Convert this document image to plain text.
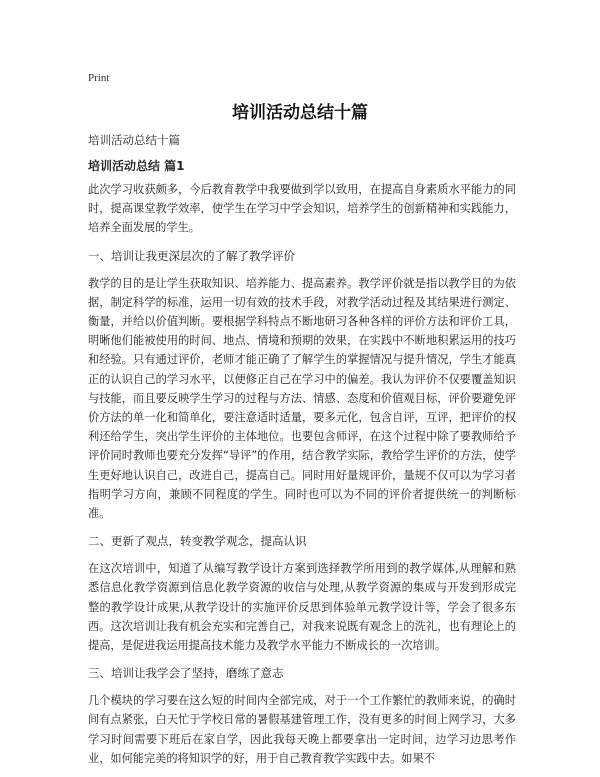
Print
培训活动总结十篇
培训活动总结十篇
培训活动总结 篇1
此次学习收获颇多，今后教育教学中我要做到学以致用，在提高自身素质水平能力的同时，提高课堂教学效率，使学生在学习中学会知识，培养学生的创新精神和实践能力，培养全面发展的学生。
一、培训让我更深层次的了解了教学评价
教学的目的是让学生获取知识、培养能力、提高素养。教学评价就是指以教学目的为依据，制定科学的标准，运用一切有效的技术手段，对教学活动过程及其结果进行测定、衡量，并给以价值判断。要根据学科特点不断地研习各种各样的评价方法和评价工具，明晰他们能被使用的时间、地点、情境和预期的效果，在实践中不断地积累运用的技巧和经验。只有通过评价，老师才能正确了了解学生的掌握情况与提升情况，学生才能真正的认识自己的学习水平，以便修正自己在学习中的偏差。我认为评价不仅要覆盖知识与技能，而且要反映学生学习的过程与方法、情感、态度和价值观目标，评价要避免评价方法的单一化和简单化，要注意适时适量，要多元化，包含自评，互评，把评价的权利还给学生，突出学生评价的主体地位。也要包含师评，在这个过程中除了要教师给予评价同时教师也要充分发挥“导评”的作用，结合教学实际，教给学生评价的方法，使学生更好地认识自己，改进自己，提高自己。同时用好量规评价，量规不仅可以为学习者指明学习方向，兼顾不同程度的学生。同时也可以为不同的评价者提供统一的判断标准。
二、更新了观点，转变教学观念，提高认识
在这次培训中，知道了从编写教学设计方案到选择教学所用到的教学媒体,从理解和熟悉信息化教学资源到信息化教学资源的收信与处理,从教学资源的集成与开发到形成完整的教学设计成果,从教学设计的实施评价反思到体验单元教学设计等，学会了很多东西。这次培训让我有机会充实和完善自己，对我来说既有观念上的洗礼，也有理论上的提高，是促进我运用提高技术能力及教学水平能力不断成长的一次培训。
三、培训让我学会了坚持，磨练了意志
几个模块的学习要在这么短的时间内全部完成，对于一个工作繁忙的教师来说，的确时间有点紧张，白天忙于学校日常的暑假基建管理工作，没有更多的时间上网学习，大多学习时间需要下班后在家自学，因此我每天晚上都要拿出一定时间，边学习边思考作业，如何能完美的将知识学的好，用于自己教育教学实践中去。如果不
